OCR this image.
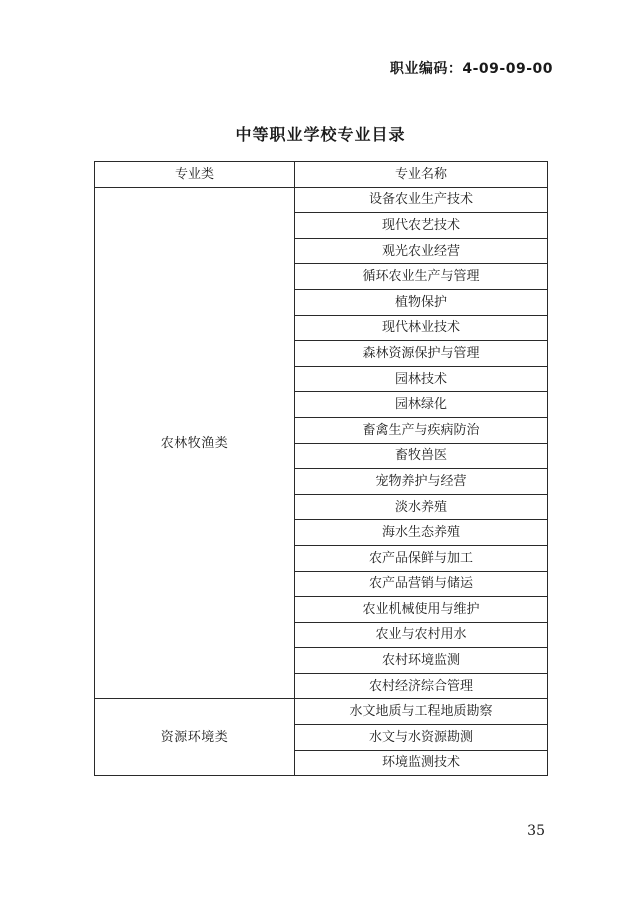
职业编码：4-09-09-00
中等职业学校专业目录
专业类	专业名称
农林牧渔类	设备农业生产技术
	现代农艺技术
	观光农业经营
	循环农业生产与管理
	植物保护
	现代林业技术
	森林资源保护与管理
	园林技术
	园林绿化
	畜禽生产与疾病防治
	畜牧兽医
	宠物养护与经营
	淡水养殖
	海水生态养殖
	农产品保鲜与加工
	农产品营销与储运
	农业机械使用与维护
	农业与农村用水
	农村环境监测
	农村经济综合管理
资源环境类	水文地质与工程地质勘察
	水文与水资源勘测
	环境监测技术
35
